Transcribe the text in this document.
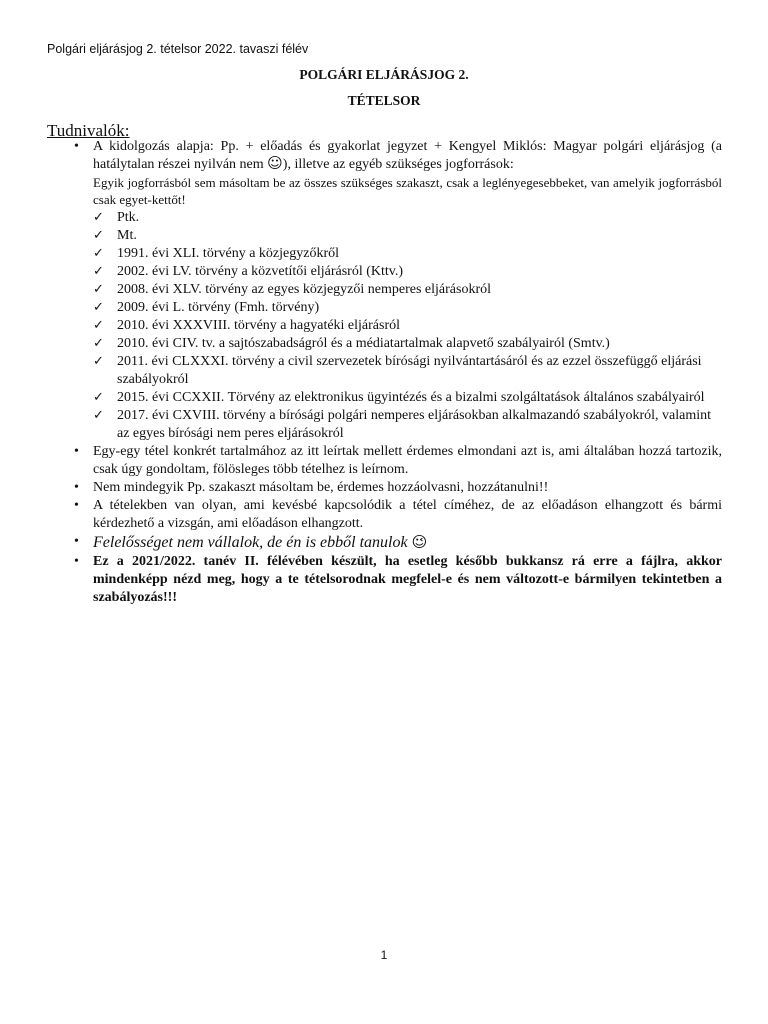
Polgári eljárásjog 2. tételsor 2022. tavaszi félév
POLGÁRI ELJÁRÁSJOG 2.
TÉTELSOR
Tudnivalók:
• A kidolgozás alapja: Pp. + előadás és gyakorlat jegyzet + Kengyel Miklós: Magyar polgári eljárásjog (a hatálytalan részei nyilván nem ☺), illetve az egyéb szükséges jogforrások:
Egyik jogforrásból sem másoltam be az összes szükséges szakaszt, csak a leglényegesebbeket, van amelyik jogforrásból csak egyet-kettőt!
✓ Ptk.
✓ Mt.
✓ 1991. évi XLI. törvény a közjegyzőkről
✓ 2002. évi LV. törvény a közvetítői eljárásról (Kttv.)
✓ 2008. évi XLV. törvény az egyes közjegyzői nemperes eljárásokról
✓ 2009. évi L. törvény (Fmh. törvény)
✓ 2010. évi XXXVIII. törvény a hagyatéki eljárásról
✓ 2010. évi CIV. tv. a sajtószabadságról és a médiatartalmak alapvető szabályairól (Smtv.)
✓ 2011. évi CLXXXI. törvény a civil szervezetek bírósági nyilvántartásáról és az ezzel összefüggő eljárási szabályokról
✓ 2015. évi CCXXII. Törvény az elektronikus ügyintézés és a bizalmi szolgáltatások általános szabályairól
✓ 2017. évi CXVIII. törvény a bírósági polgári nemperes eljárásokban alkalmazandó szabályokról, valamint az egyes bírósági nem peres eljárásokról
• Egy-egy tétel konkrét tartalmához az itt leírtak mellett érdemes elmondani azt is, ami általában hozzá tartozik, csak úgy gondoltam, fölösleges több tételhez is leírnom.
• Nem mindegyik Pp. szakaszt másoltam be, érdemes hozzáolvasni, hozzátanulni!!
• A tételekben van olyan, ami kevésbé kapcsolódik a tétel címéhez, de az előadáson elhangzott és bármi kérdezhető a vizsgán, ami előadáson elhangzott.
• Felelősséget nem vállalok, de én is ebből tanulok 😉
• Ez a 2021/2022. tanév II. félévében készült, ha esetleg később bukkansz rá erre a fájlra, akkor mindenképp nézd meg, hogy a te tételsorodnak megfelel-e és nem változott-e bármilyen tekintetben a szabályozás!!!
1
